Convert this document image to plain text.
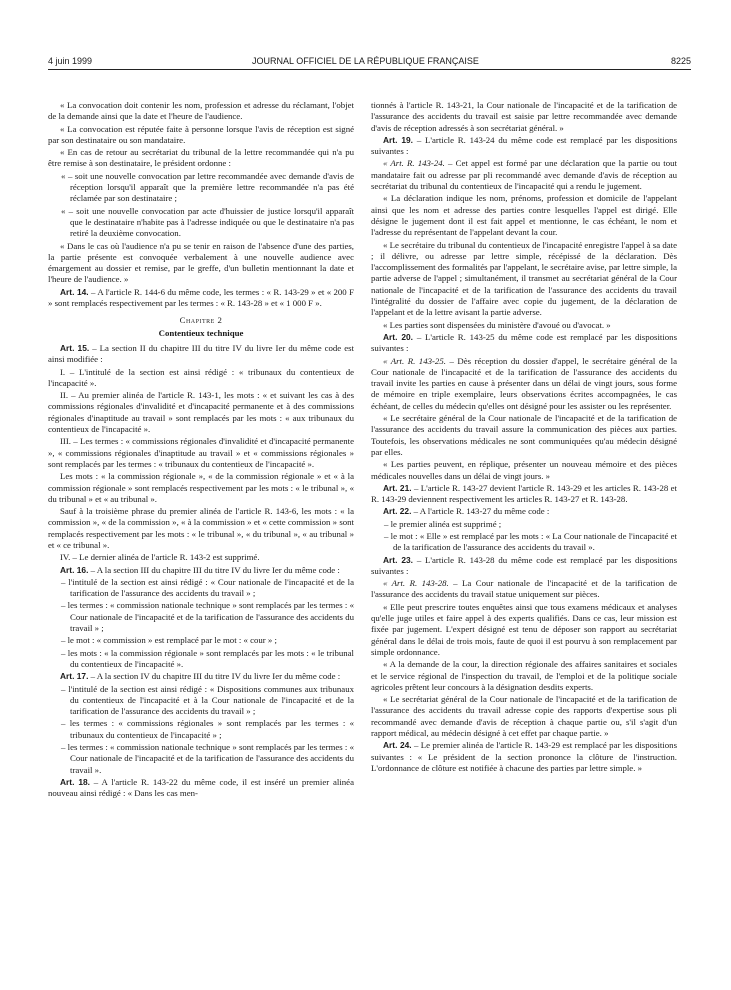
4 juin 1999	JOURNAL OFFICIEL DE LA RÉPUBLIQUE FRANÇAISE	8225

« La convocation doit contenir les nom, profession et adresse du réclamant, l'objet de la demande ainsi que la date et l'heure de l'audience.

« La convocation est réputée faite à personne lorsque l'avis de réception est signé par son destinataire ou son mandataire.

« En cas de retour au secrétariat du tribunal de la lettre recommandée qui n'a pu être remise à son destinataire, le président ordonne :

« – soit une nouvelle convocation par lettre recommandée avec demande d'avis de réception lorsqu'il apparaît que la première lettre recommandée n'a pas été réclamée par son destinataire ;

« – soit une nouvelle convocation par acte d'huissier de justice lorsqu'il apparaît que le destinataire n'habite pas à l'adresse indiquée ou que le destinataire n'a pas retiré la deuxième convocation.

« Dans le cas où l'audience n'a pu se tenir en raison de l'absence d'une des parties, la partie présente est convoquée verbalement à une nouvelle audience avec émargement au dossier et remise, par le greffe, d'un bulletin mentionnant la date et l'heure de l'audience. »

Art. 14. – A l'article R. 144-6 du même code, les termes : « R. 143-29 » et « 200 F » sont remplacés respectivement par les termes : « R. 143-28 » et « 1 000 F ».

Chapitre 2

Contentieux technique

Art. 15. – La section II du chapitre III du titre IV du livre Ier du même code est ainsi modifiée :

I. – L'intitulé de la section est ainsi rédigé : « tribunaux du contentieux de l'incapacité ».

II. – Au premier alinéa de l'article R. 143-1, les mots : « et suivant les cas à des commissions régionales d'invalidité et d'incapacité permanente et à des commissions régionales d'inaptitude au travail » sont remplacés par les mots : « aux tribunaux du contentieux de l'incapacité ».

III. – Les termes : « commissions régionales d'invalidité et d'incapacité permanente », « commissions régionales d'inaptitude au travail » et « commissions régionales » sont remplacés par les termes : « tribunaux du contentieux de l'incapacité ».

Les mots : « la commission régionale », « de la commission régionale » et « à la commission régionale » sont remplacés respectivement par les mots : « le tribunal », « du tribunal » et « au tribunal ».

Sauf à la troisième phrase du premier alinéa de l'article R. 143-6, les mots : « la commission », « de la commission », « à la commission » et « cette commission » sont remplacés respectivement par les mots : « le tribunal », « du tribunal », « au tribunal » et « ce tribunal ».

IV. – Le dernier alinéa de l'article R. 143-2 est supprimé.

Art. 16. – A la section III du chapitre III du titre IV du livre Ier du même code :

– l'intitulé de la section est ainsi rédigé : « Cour nationale de l'incapacité et de la tarification de l'assurance des accidents du travail » ;

– les termes : « commission nationale technique » sont remplacés par les termes : « Cour nationale de l'incapacité et de la tarification de l'assurance des accidents du travail » ;

– le mot : « commission » est remplacé par le mot : « cour » ;

– les mots : « la commission régionale » sont remplacés par les mots : « le tribunal du contentieux de l'incapacité ».

Art. 17. – A la section IV du chapitre III du titre IV du livre Ier du même code :

– l'intitulé de la section est ainsi rédigé : « Dispositions communes aux tribunaux du contentieux de l'incapacité et à la Cour nationale de l'incapacité et de la tarification de l'assurance des accidents du travail » ;

– les termes : « commissions régionales » sont remplacés par les termes : « tribunaux du contentieux de l'incapacité » ;

– les termes : « commission nationale technique » sont remplacés par les termes : « Cour nationale de l'incapacité et de la tarification de l'assurance des accidents du travail ».

Art. 18. – A l'article R. 143-22 du même code, il est inséré un premier alinéa nouveau ainsi rédigé : « Dans les cas men-

tionnés à l'article R. 143-21, la Cour nationale de l'incapacité et de la tarification de l'assurance des accidents du travail est saisie par lettre recommandée avec demande d'avis de réception adressés à son secrétariat général. »

Art. 19. – L'article R. 143-24 du même code est remplacé par les dispositions suivantes :

« Art. R. 143-24. – Cet appel est formé par une déclaration que la partie ou tout mandataire fait ou adresse par pli recommandé avec demande d'avis de réception au secrétariat du tribunal du contentieux de l'incapacité qui a rendu le jugement.

« La déclaration indique les nom, prénoms, profession et domicile de l'appelant ainsi que les nom et adresse des parties contre lesquelles l'appel est dirigé. Elle désigne le jugement dont il est fait appel et mentionne, le cas échéant, le nom et l'adresse du représentant de l'appelant devant la cour.

« Le secrétaire du tribunal du contentieux de l'incapacité enregistre l'appel à sa date ; il délivre, ou adresse par lettre simple, récépissé de la déclaration. Dès l'accomplissement des formalités par l'appelant, le secrétaire avise, par lettre simple, la partie adverse de l'appel ; simultanément, il transmet au secrétariat général de la Cour nationale de l'incapacité et de la tarification de l'assurance des accidents du travail l'intégralité du dossier de l'affaire avec copie du jugement, de la déclaration de l'appelant et de la lettre avisant la partie adverse.

« Les parties sont dispensées du ministère d'avoué ou d'avocat. »

Art. 20. – L'article R. 143-25 du même code est remplacé par les dispositions suivantes :

« Art. R. 143-25. – Dès réception du dossier d'appel, le secrétaire général de la Cour nationale de l'incapacité et de la tarification de l'assurance des accidents du travail invite les parties en cause à présenter dans un délai de vingt jours, sous forme de mémoire en triple exemplaire, leurs observations écrites accompagnées, le cas échéant, de celles du médecin qu'elles ont désigné pour les assister ou les représenter.

« Le secrétaire général de la Cour nationale de l'incapacité et de la tarification de l'assurance des accidents du travail assure la communication des pièces aux parties. Toutefois, les observations médicales ne sont communiquées qu'au médecin désigné par elles.

« Les parties peuvent, en réplique, présenter un nouveau mémoire et des pièces médicales nouvelles dans un délai de vingt jours. »

Art. 21. – L'article R. 143-27 devient l'article R. 143-29 et les articles R. 143-28 et R. 143-29 deviennent respectivement les articles R. 143-27 et R. 143-28.

Art. 22. – A l'article R. 143-27 du même code :

– le premier alinéa est supprimé ;

– le mot : « Elle » est remplacé par les mots : « La Cour nationale de l'incapacité et de la tarification de l'assurance des accidents du travail ».

Art. 23. – L'article R. 143-28 du même code est remplacé par les dispositions suivantes :

« Art. R. 143-28. – La Cour nationale de l'incapacité et de la tarification de l'assurance des accidents du travail statue uniquement sur pièces.

« Elle peut prescrire toutes enquêtes ainsi que tous examens médicaux et analyses qu'elle juge utiles et faire appel à des experts qualifiés. Dans ce cas, leur mission est fixée par jugement. L'expert désigné est tenu de déposer son rapport au secrétariat général dans le délai de trois mois, faute de quoi il est pourvu à son remplacement par simple ordonnance.

« A la demande de la cour, la direction régionale des affaires sanitaires et sociales et le service régional de l'inspection du travail, de l'emploi et de la politique sociale agricoles prêtent leur concours à la désignation desdits experts.

« Le secrétariat général de la Cour nationale de l'incapacité et de la tarification de l'assurance des accidents du travail adresse copie des rapports d'expertise sous pli recommandé avec demande d'avis de réception à chaque partie ou, s'il s'agit d'un rapport médical, au médecin désigné à cet effet par chaque partie. »

Art. 24. – Le premier alinéa de l'article R. 143-29 est remplacé par les dispositions suivantes : « Le président de la section prononce la clôture de l'instruction. L'ordonnance de clôture est notifiée à chacune des parties par lettre simple. »
